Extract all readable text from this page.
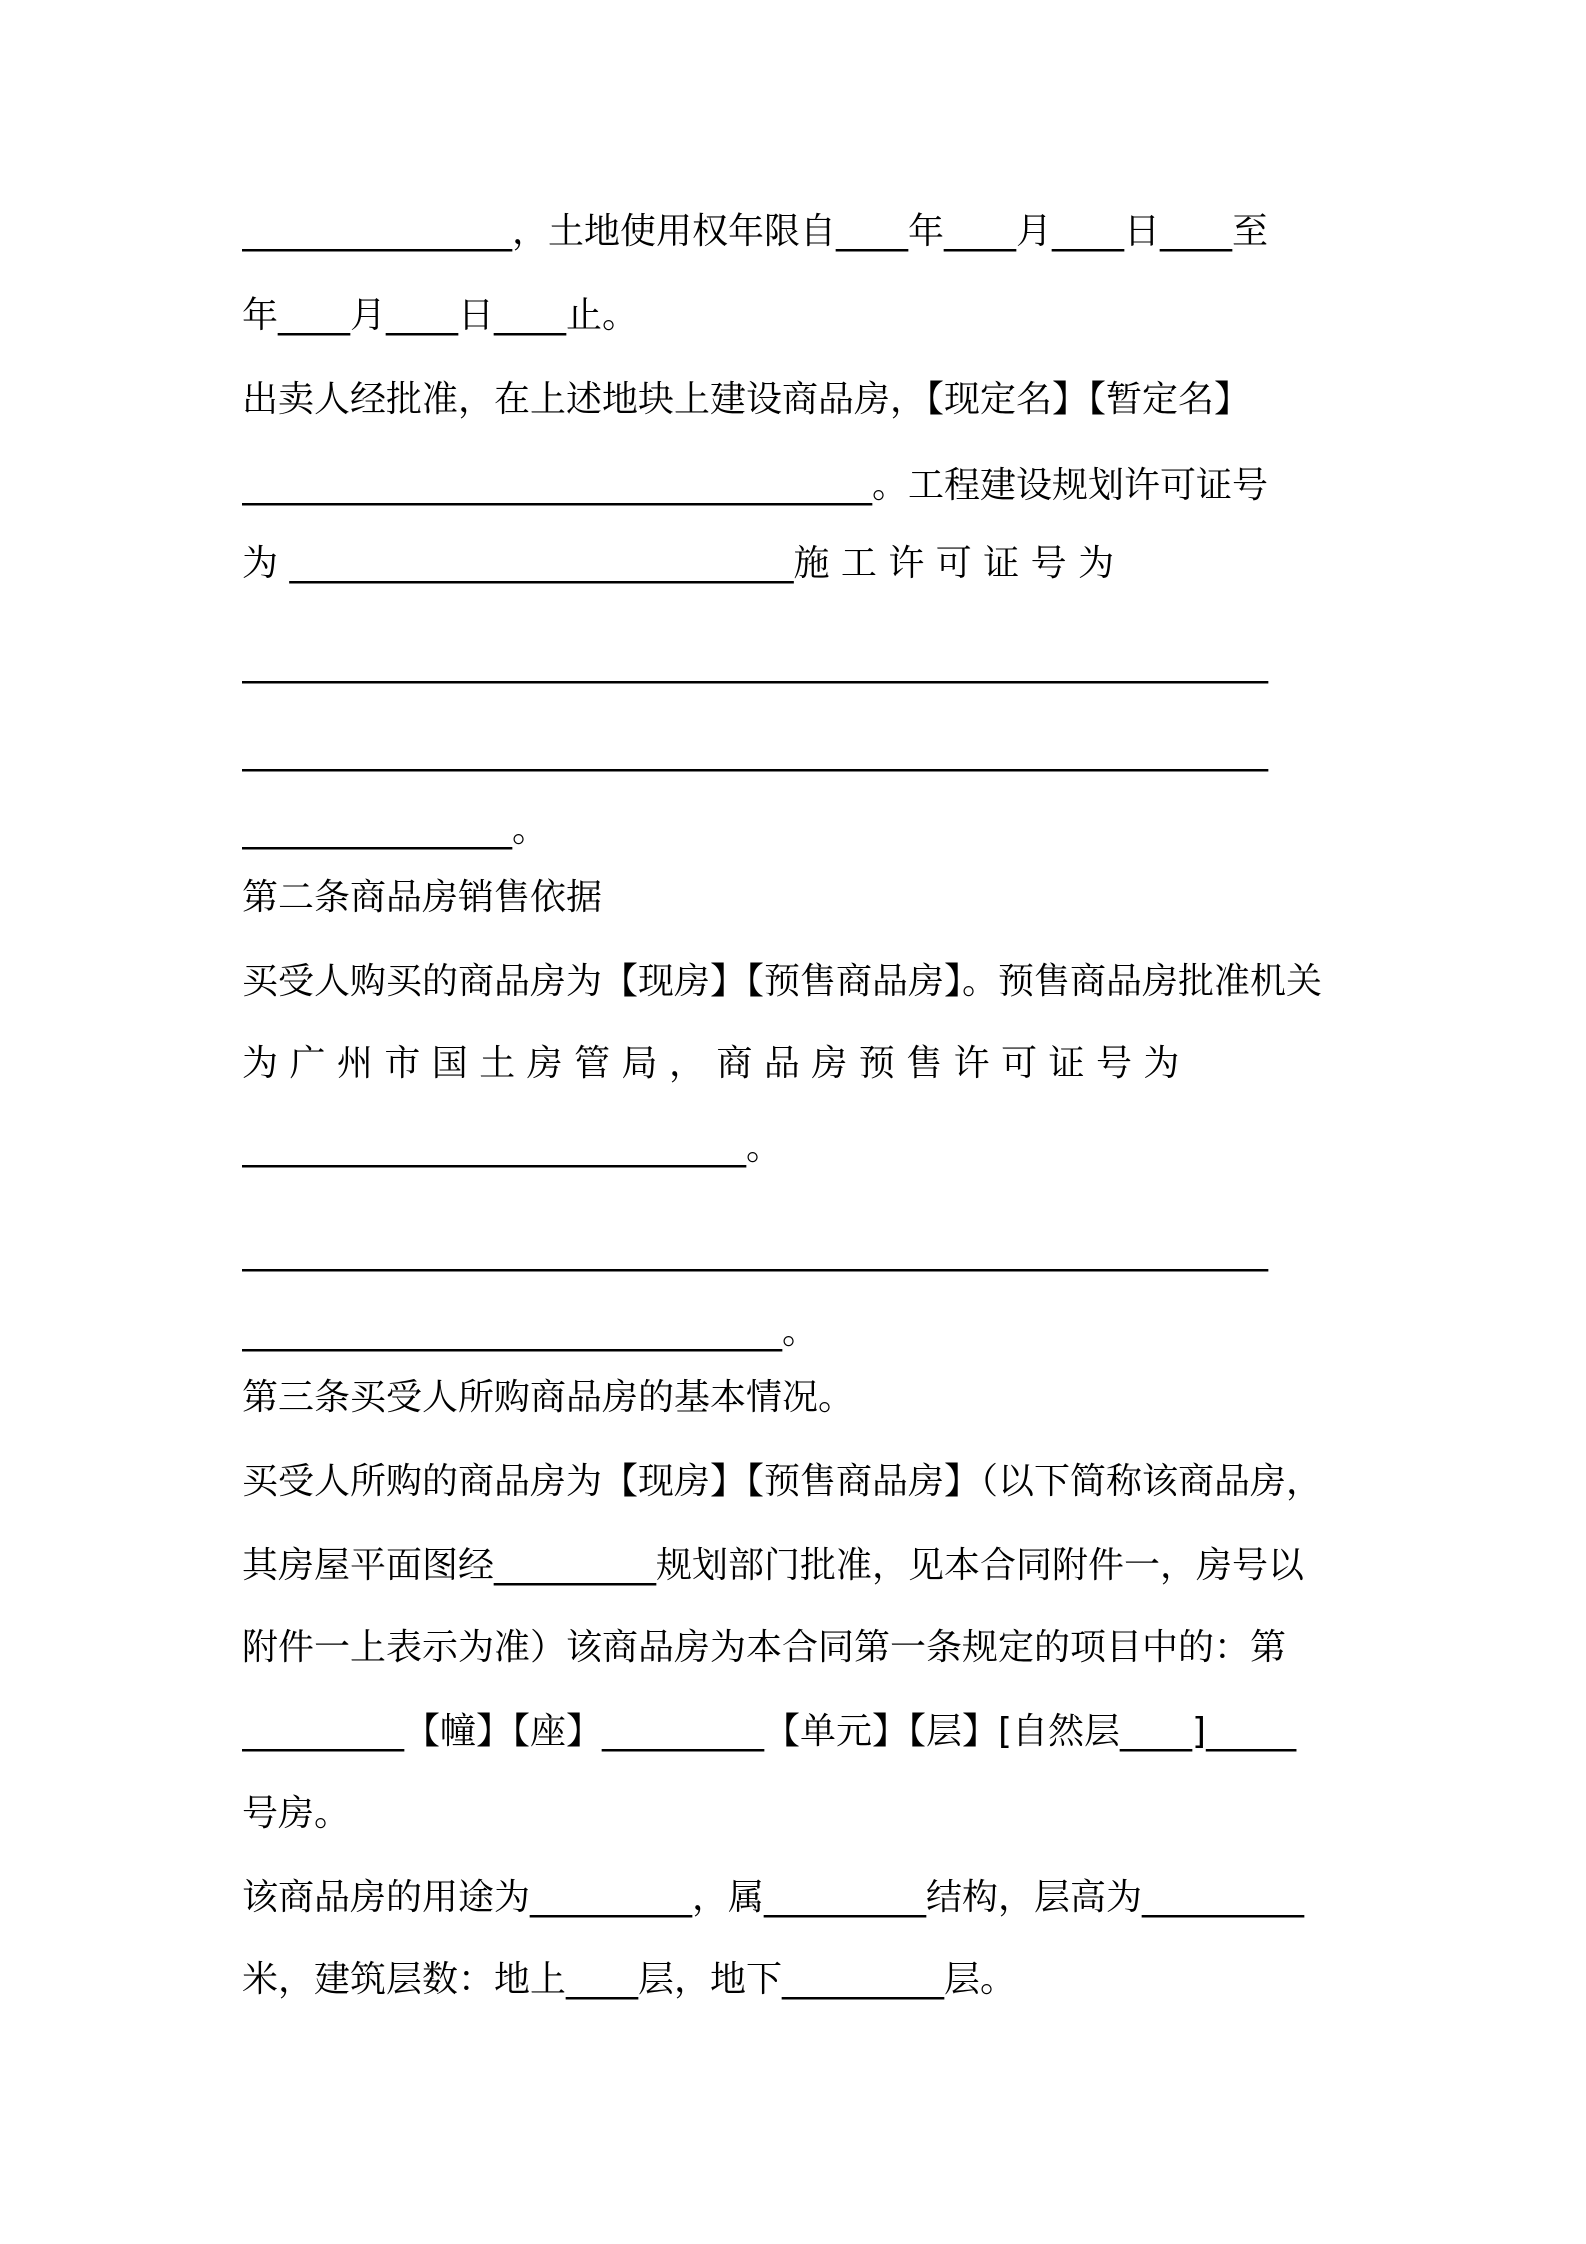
_______________，土地使用权年限自____年____月____日____至
年____月____日____止。
出卖人经批准，在上述地块上建设商品房，【现定名】【暂定名】
___________________________________。工程建设规划许可证号
为 ____________________________施 工 许 可 证 号 为
_________________________________________________________
_________________________________________________________
_______________。
第二条商品房销售依据
买受人购买的商品房为【现房】【预售商品房】。预售商品房批准机关
为 广 州 市 国 土 房 管 局 ， 商 品 房 预 售 许 可 证 号 为
____________________________。
_________________________________________________________
______________________________。
第三条买受人所购商品房的基本情况。
买受人所购的商品房为【现房】【预售商品房】（以下简称该商品房，
其房屋平面图经_________规划部门批准，见本合同附件一，房号以
附件一上表示为准）该商品房为本合同第一条规定的项目中的：第
_________【幢】【座】_________【单元】【层】[自然层____]_____
号房。
该商品房的用途为_________，属_________结构，层高为_________
米，建筑层数：地上____层，地下_________层。
